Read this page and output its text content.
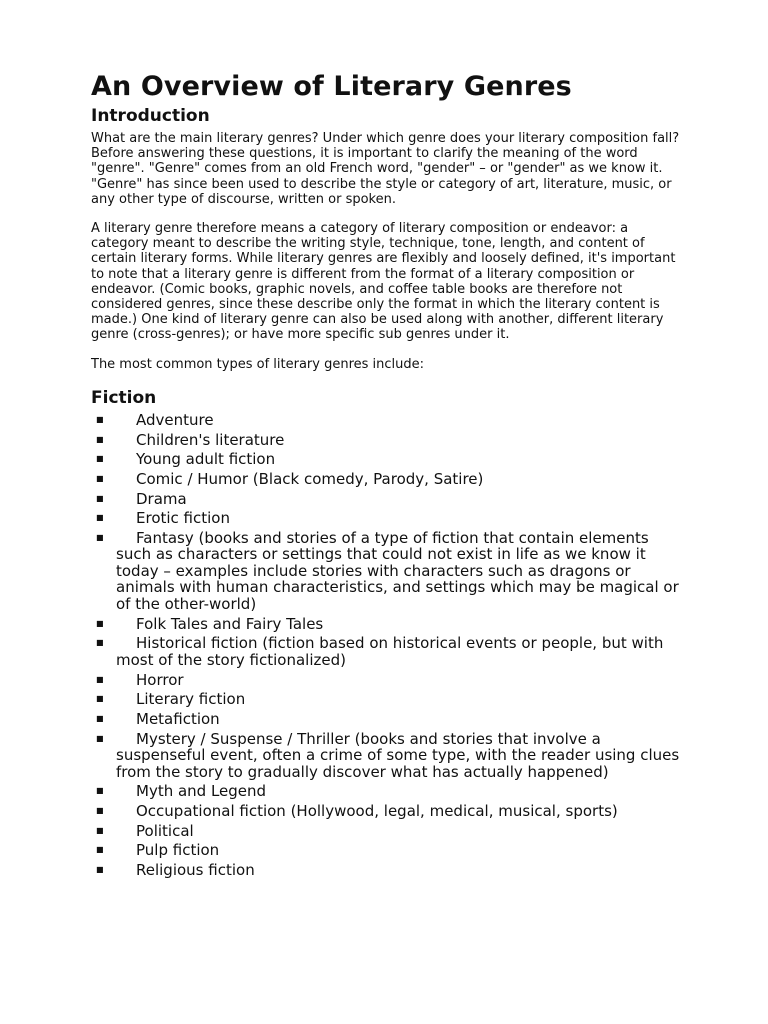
An Overview of Literary Genres
Introduction

What are the main literary genres? Under which genre does your literary composition fall? Before answering these questions, it is important to clarify the meaning of the word "genre". "Genre" comes from an old French word, "gender" – or "gender" as we know it. "Genre" has since been used to describe the style or category of art, literature, music, or any other type of discourse, written or spoken.

A literary genre therefore means a category of literary composition or endeavor: a category meant to describe the writing style, technique, tone, length, and content of certain literary forms. While literary genres are flexibly and loosely defined, it's important to note that a literary genre is different from the format of a literary composition or endeavor. (Comic books, graphic novels, and coffee table books are therefore not considered genres, since these describe only the format in which the literary content is made.) One kind of literary genre can also be used along with another, different literary genre (cross-genres); or have more specific sub genres under it.

The most common types of literary genres include:

Fiction
■ Adventure
■ Children's literature
■ Young adult fiction
■ Comic / Humor (Black comedy, Parody, Satire)
■ Drama
■ Erotic fiction
■ Fantasy (books and stories of a type of fiction that contain elements such as characters or settings that could not exist in life as we know it today – examples include stories with characters such as dragons or animals with human characteristics, and settings which may be magical or of the other-world)
■ Folk Tales and Fairy Tales
■ Historical fiction (fiction based on historical events or people, but with most of the story fictionalized)
■ Horror
■ Literary fiction
■ Metafiction
■ Mystery / Suspense / Thriller (books and stories that involve a suspenseful event, often a crime of some type, with the reader using clues from the story to gradually discover what has actually happened)
■ Myth and Legend
■ Occupational fiction (Hollywood, legal, medical, musical, sports)
■ Political
■ Pulp fiction
■ Religious fiction
